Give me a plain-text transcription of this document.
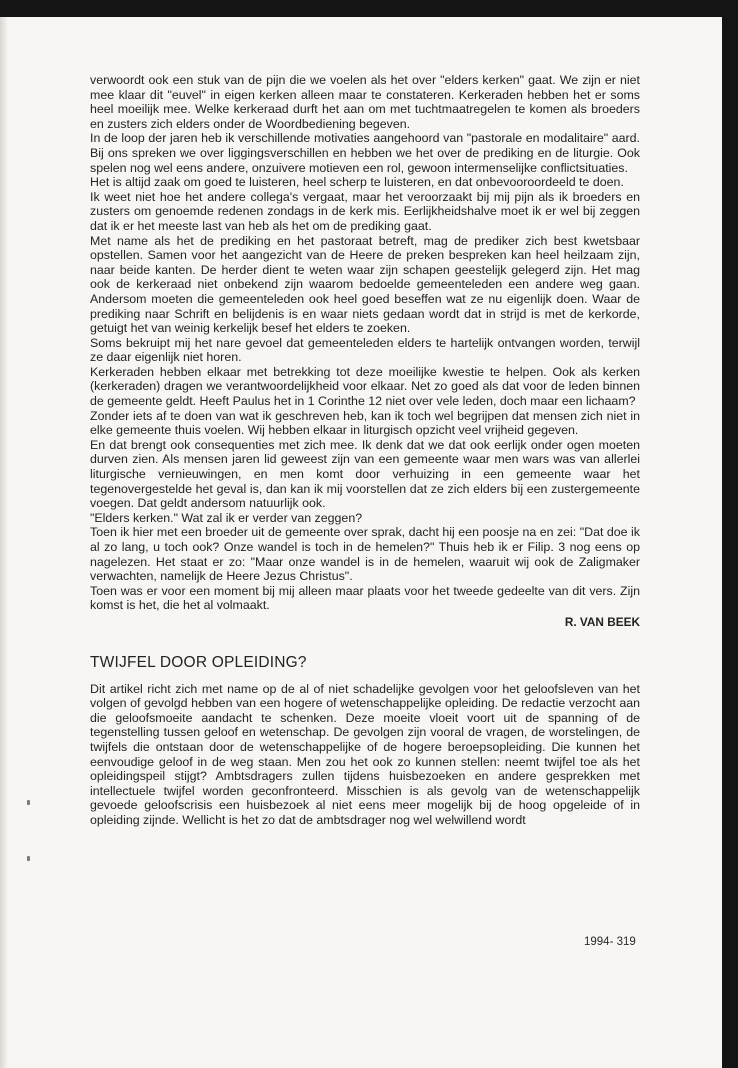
verwoordt ook een stuk van de pijn die we voelen als het over "elders kerken" gaat. We zijn er niet mee klaar dit "euvel" in eigen kerken alleen maar te constateren. Kerkeraden hebben het er soms heel moeilijk mee. Welke kerkeraad durft het aan om met tuchtmaatregelen te komen als broeders en zusters zich elders onder de Woordbediening begeven.

In de loop der jaren heb ik verschillende motivaties aangehoord van "pastorale en modalitaire" aard. Bij ons spreken we over liggingsverschillen en hebben we het over de prediking en de liturgie. Ook spelen nog wel eens andere, onzuivere motieven een rol, gewoon intermenselijke conflictsituaties.

Het is altijd zaak om goed te luisteren, heel scherp te luisteren, en dat onbevooroordeeld te doen.

Ik weet niet hoe het andere collega's vergaat, maar het veroorzaakt bij mij pijn als ik broeders en zusters om genoemde redenen zondags in de kerk mis. Eerlijkheidshalve moet ik er wel bij zeggen dat ik er het meeste last van heb als het om de prediking gaat.

Met name als het de prediking en het pastoraat betreft, mag de prediker zich best kwetsbaar opstellen. Samen voor het aangezicht van de Heere de preken bespreken kan heel heilzaam zijn, naar beide kanten. De herder dient te weten waar zijn schapen geestelijk gelegerd zijn. Het mag ook de kerkeraad niet onbekend zijn waarom bedoelde gemeenteleden een andere weg gaan. Andersom moeten die gemeenteleden ook heel goed beseffen wat ze nu eigenlijk doen. Waar de prediking naar Schrift en belijdenis is en waar niets gedaan wordt dat in strijd is met de kerkorde, getuigt het van weinig kerkelijk besef het elders te zoeken.

Soms bekruipt mij het nare gevoel dat gemeenteleden elders te hartelijk ontvangen worden, terwijl ze daar eigenlijk niet horen.

Kerkeraden hebben elkaar met betrekking tot deze moeilijke kwestie te helpen. Ook als kerken (kerkeraden) dragen we verantwoordelijkheid voor elkaar. Net zo goed als dat voor de leden binnen de gemeente geldt. Heeft Paulus het in 1 Corinthe 12 niet over vele leden, doch maar een lichaam?

Zonder iets af te doen van wat ik geschreven heb, kan ik toch wel begrijpen dat mensen zich niet in elke gemeente thuis voelen. Wij hebben elkaar in liturgisch opzicht veel vrijheid gegeven.

En dat brengt ook consequenties met zich mee. Ik denk dat we dat ook eerlijk onder ogen moeten durven zien. Als mensen jaren lid geweest zijn van een gemeente waar men wars was van allerlei liturgische vernieuwingen, en men komt door verhuizing in een gemeente waar het tegenovergestelde het geval is, dan kan ik mij voorstellen dat ze zich elders bij een zustergemeente voegen. Dat geldt andersom natuurlijk ook.

"Elders kerken." Wat zal ik er verder van zeggen?

Toen ik hier met een broeder uit de gemeente over sprak, dacht hij een poosje na en zei: "Dat doe ik al zo lang, u toch ook? Onze wandel is toch in de hemelen?" Thuis heb ik er Filip. 3 nog eens op nagelezen. Het staat er zo: "Maar onze wandel is in de hemelen, waaruit wij ook de Zaligmaker verwachten, namelijk de Heere Jezus Christus".

Toen was er voor een moment bij mij alleen maar plaats voor het tweede gedeelte van dit vers. Zijn komst is het, die het al volmaakt.

R. VAN BEEK
TWIJFEL DOOR OPLEIDING?

Dit artikel richt zich met name op de al of niet schadelijke gevolgen voor het geloofsleven van het volgen of gevolgd hebben van een hogere of wetenschappelijke opleiding. De redactie verzocht aan die geloofsmoeite aandacht te schenken. Deze moeite vloeit voort uit de spanning of de tegenstelling tussen geloof en wetenschap. De gevolgen zijn vooral de vragen, de worstelingen, de twijfels die ontstaan door de wetenschappelijke of de hogere beroepsopleiding. Die kunnen het eenvoudige geloof in de weg staan. Men zou het ook zo kunnen stellen: neemt twijfel toe als het opleidingspeil stijgt? Ambtsdragers zullen tijdens huisbezoeken en andere gesprekken met intellectuele twijfel worden geconfronteerd. Misschien is als gevolg van de wetenschappelijk gevoede geloofscrisis een huisbezoek al niet eens meer mogelijk bij de hoog opgeleide of in opleiding zijnde. Wellicht is het zo dat de ambtsdrager nog wel welwillend wordt

1994- 319
